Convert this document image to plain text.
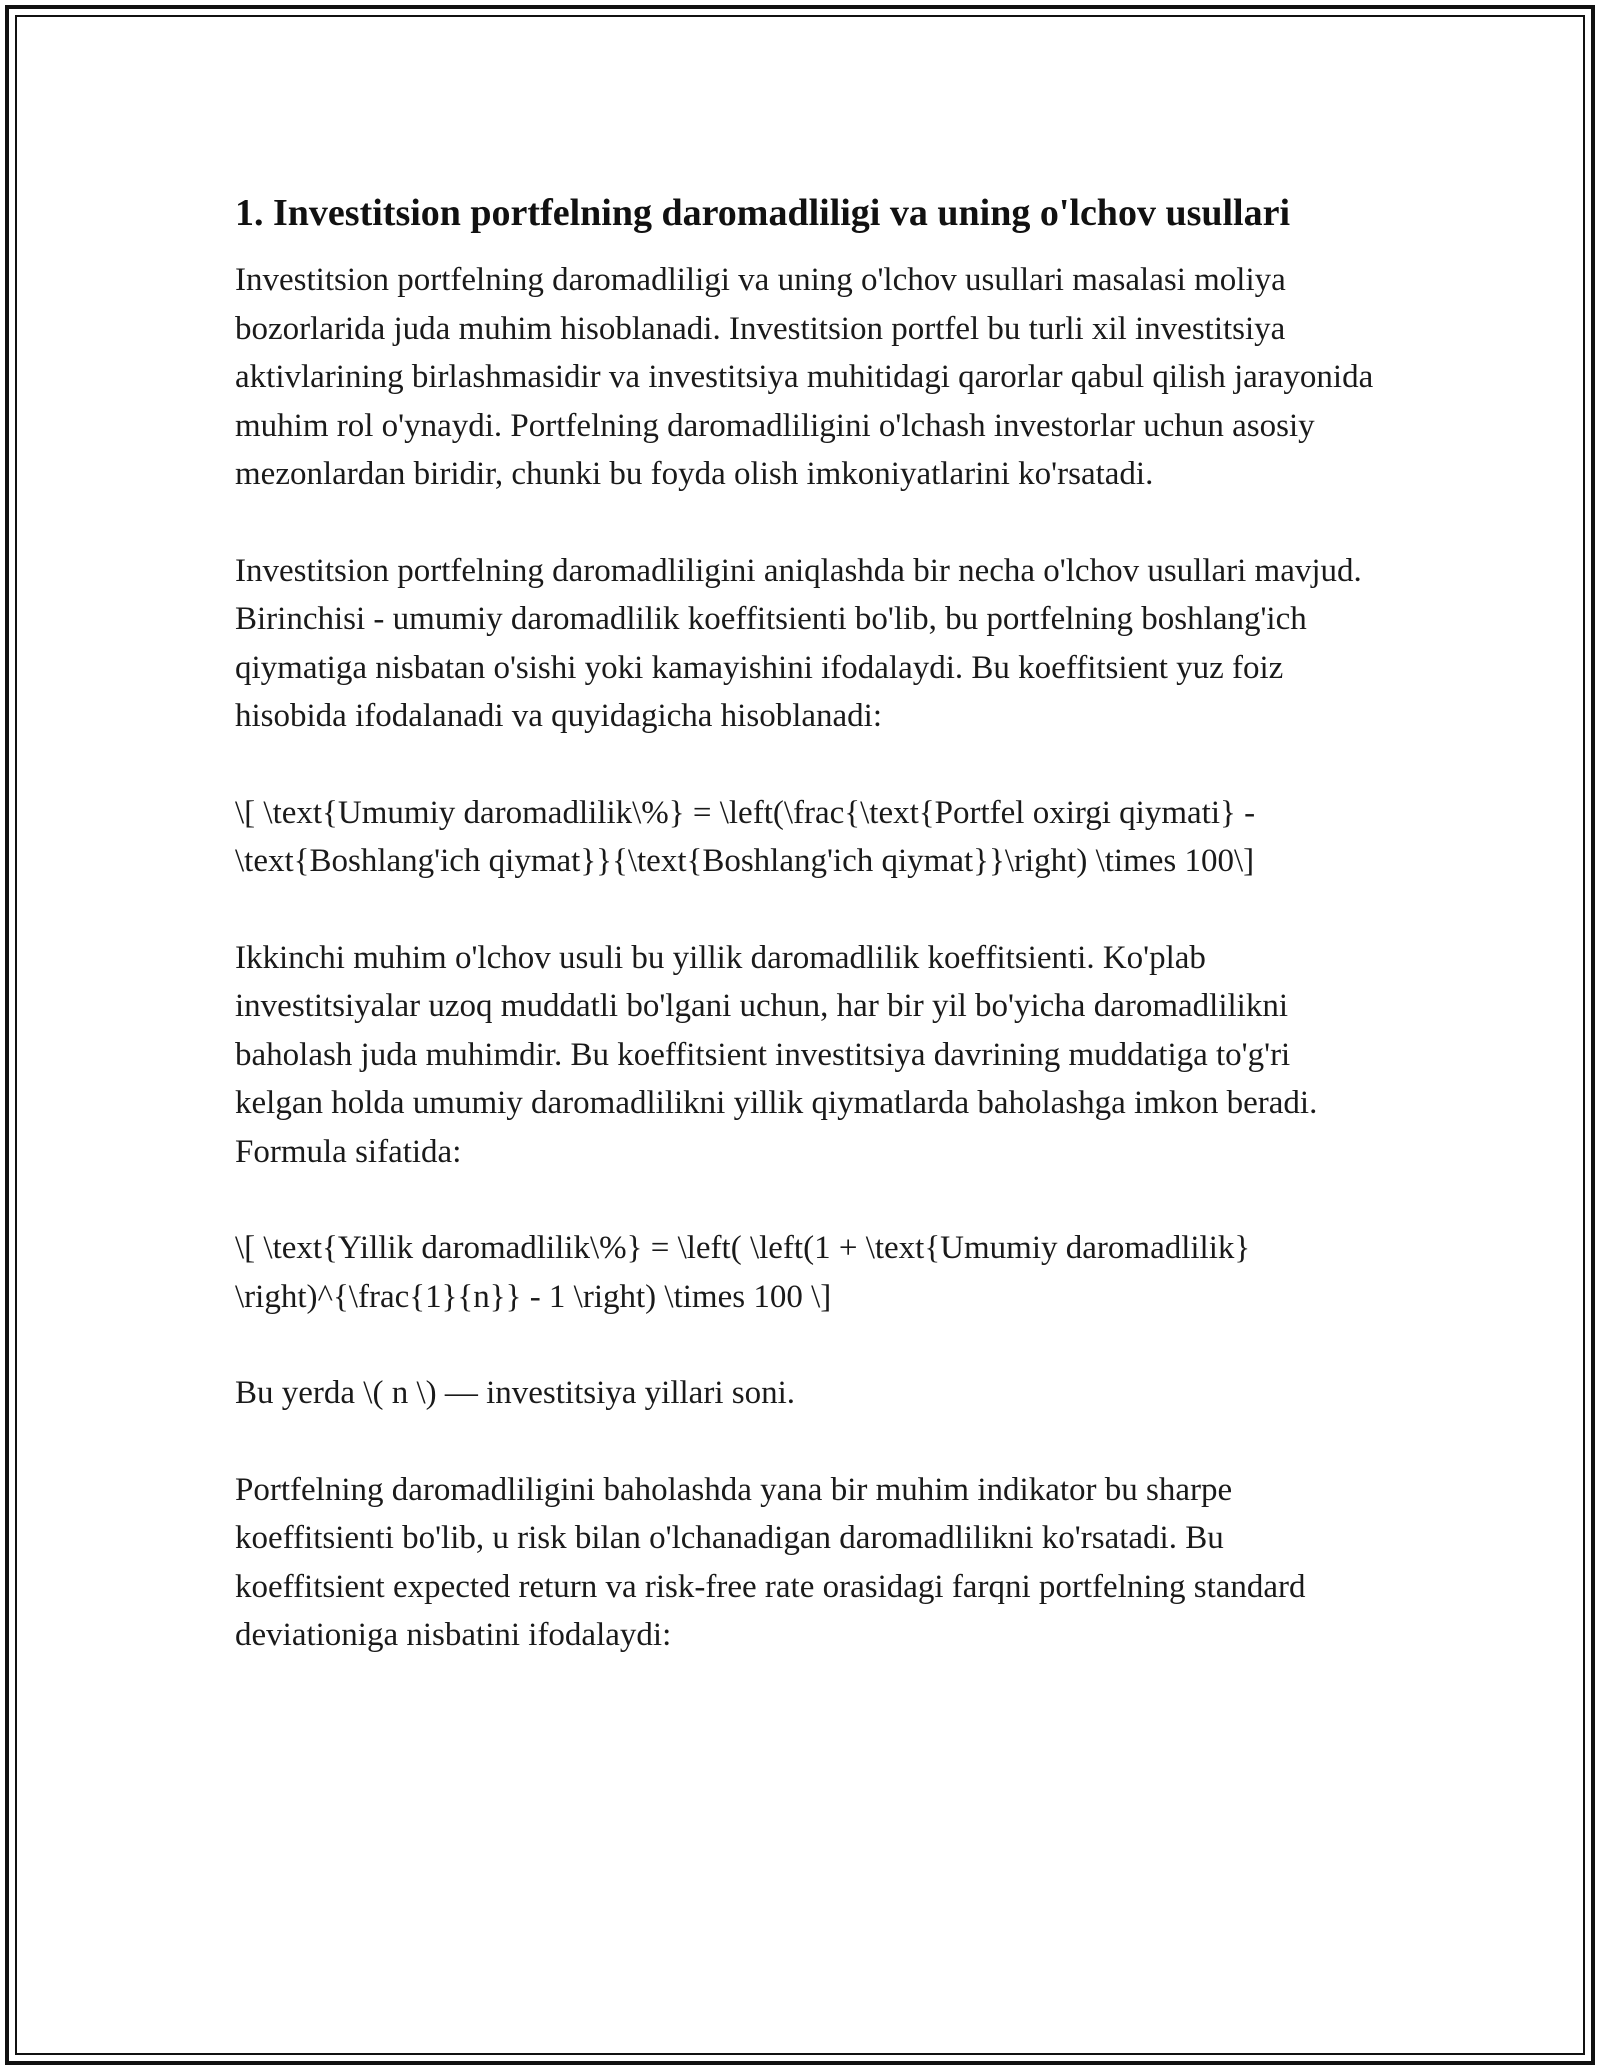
1. Investitsion portfelning daromadliligi va uning o'lchov usullari

Investitsion portfelning daromadliligi va uning o'lchov usullari masalasi moliya bozorlarida juda muhim hisoblanadi. Investitsion portfel bu turli xil investitsiya aktivlarining birlashmasidir va investitsiya muhitidagi qarorlar qabul qilish jarayonida muhim rol o'ynaydi. Portfelning daromadliligini o'lchash investorlar uchun asosiy mezonlardan biridir, chunki bu foyda olish imkoniyatlarini ko'rsatadi.

Investitsion portfelning daromadliligini aniqlashda bir necha o'lchov usullari mavjud. Birinchisi - umumiy daromadlilik koeffitsienti bo'lib, bu portfelning boshlang'ich qiymatiga nisbatan o'sishi yoki kamayishini ifodalaydi. Bu koeffitsient yuz foiz hisobida ifodalanadi va quyidagicha hisoblanadi:

\[ \text{Umumiy daromadlilik\%} = \left(\frac{\text{Portfel oxirgi qiymati} - \text{Boshlang'ich qiymat}}{\text{Boshlang'ich qiymat}}\right) \times 100\]

Ikkinchi muhim o'lchov usuli bu yillik daromadlilik koeffitsienti. Ko'plab investitsiyalar uzoq muddatli bo'lgani uchun, har bir yil bo'yicha daromadlilikni baholash juda muhimdir. Bu koeffitsient investitsiya davrining muddatiga to'g'ri kelgan holda umumiy daromadlilikni yillik qiymatlarda baholashga imkon beradi. Formula sifatida:

\[ \text{Yillik daromadlilik\%} = \left( \left(1 + \text{Umumiy daromadlilik} \right)^{\frac{1}{n}} - 1 \right) \times 100 \]

Bu yerda \( n \) — investitsiya yillari soni.

Portfelning daromadliligini baholashda yana bir muhim indikator bu sharpe koeffitsienti bo'lib, u risk bilan o'lchanadigan daromadlilikni ko'rsatadi. Bu koeffitsient expected return va risk-free rate orasidagi farqni portfelning standard deviationiga nisbatini ifodalaydi:
